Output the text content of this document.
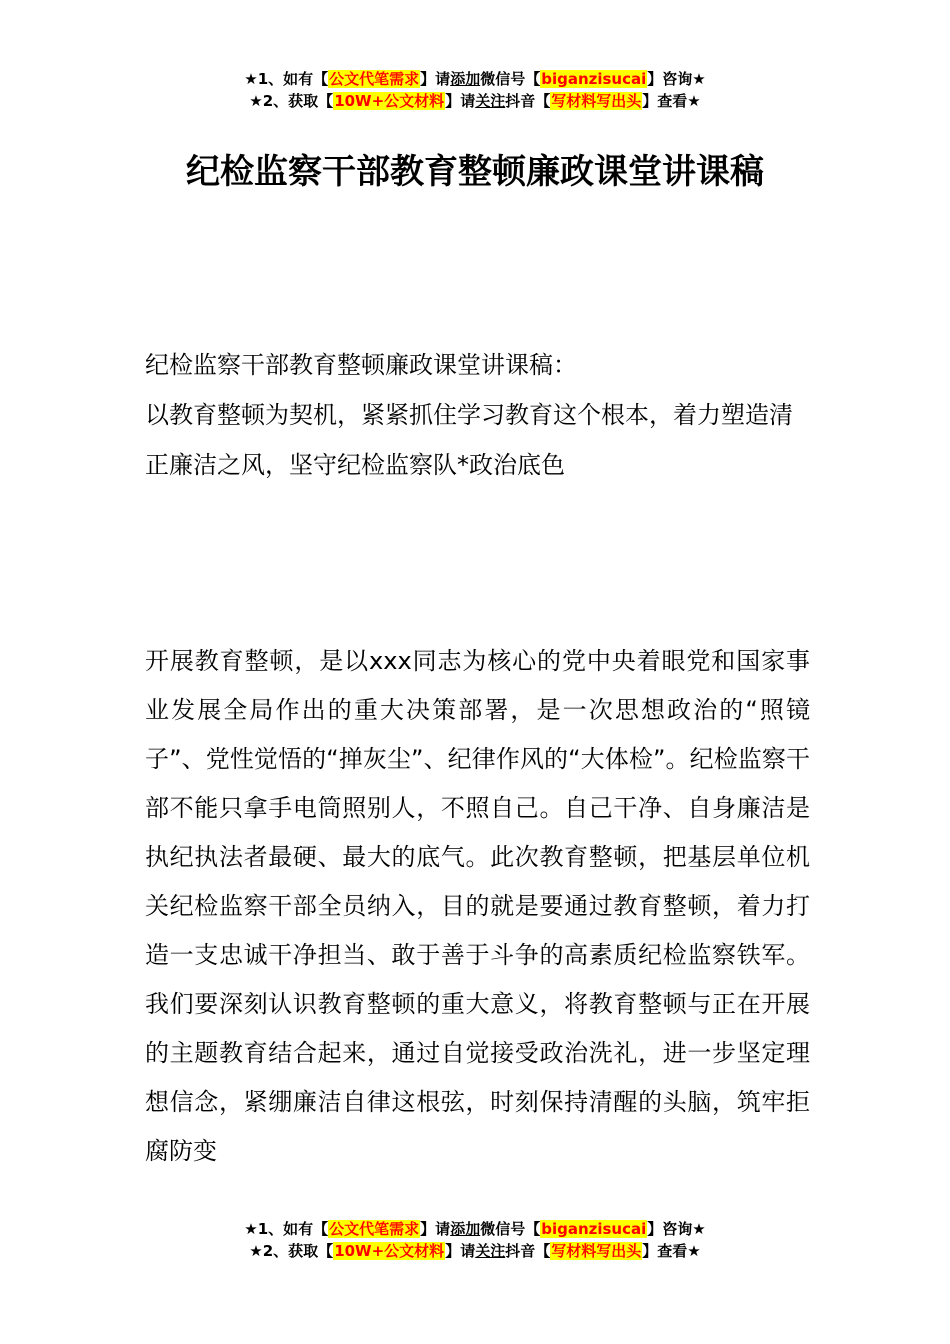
★1、如有【公文代笔需求】请添加微信号【biganzisucai】咨询★
★2、获取【10W+公文材料】请关注抖音【写材料写出头】查看★
纪检监察干部教育整顿廉政课堂讲课稿
纪检监察干部教育整顿廉政课堂讲课稿：
以教育整顿为契机，紧紧抓住学习教育这个根本，着力塑造清正廉洁之风，坚守纪检监察队*政治底色
开展教育整顿，是以xxx同志为核心的党中央着眼党和国家事业发展全局作出的重大决策部署，是一次思想政治的“照镜子”、党性觉悟的“掸灰尘”、纪律作风的“大体检”。纪检监察干部不能只拿手电筒照别人，不照自己。自己干净、自身廉洁是执纪执法者最硬、最大的底气。此次教育整顿，把基层单位机关纪检监察干部全员纳入，目的就是要通过教育整顿，着力打造一支忠诚干净担当、敢于善于斗争的高素质纪检监察铁军。我们要深刻认识教育整顿的重大意义，将教育整顿与正在开展的主题教育结合起来，通过自觉接受政治洗礼，进一步坚定理想信念，紧绷廉洁自律这根弦，时刻保持清醒的头脑，筑牢拒腐防变
★1、如有【公文代笔需求】请添加微信号【biganzisucai】咨询★
★2、获取【10W+公文材料】请关注抖音【写材料写出头】查看★
